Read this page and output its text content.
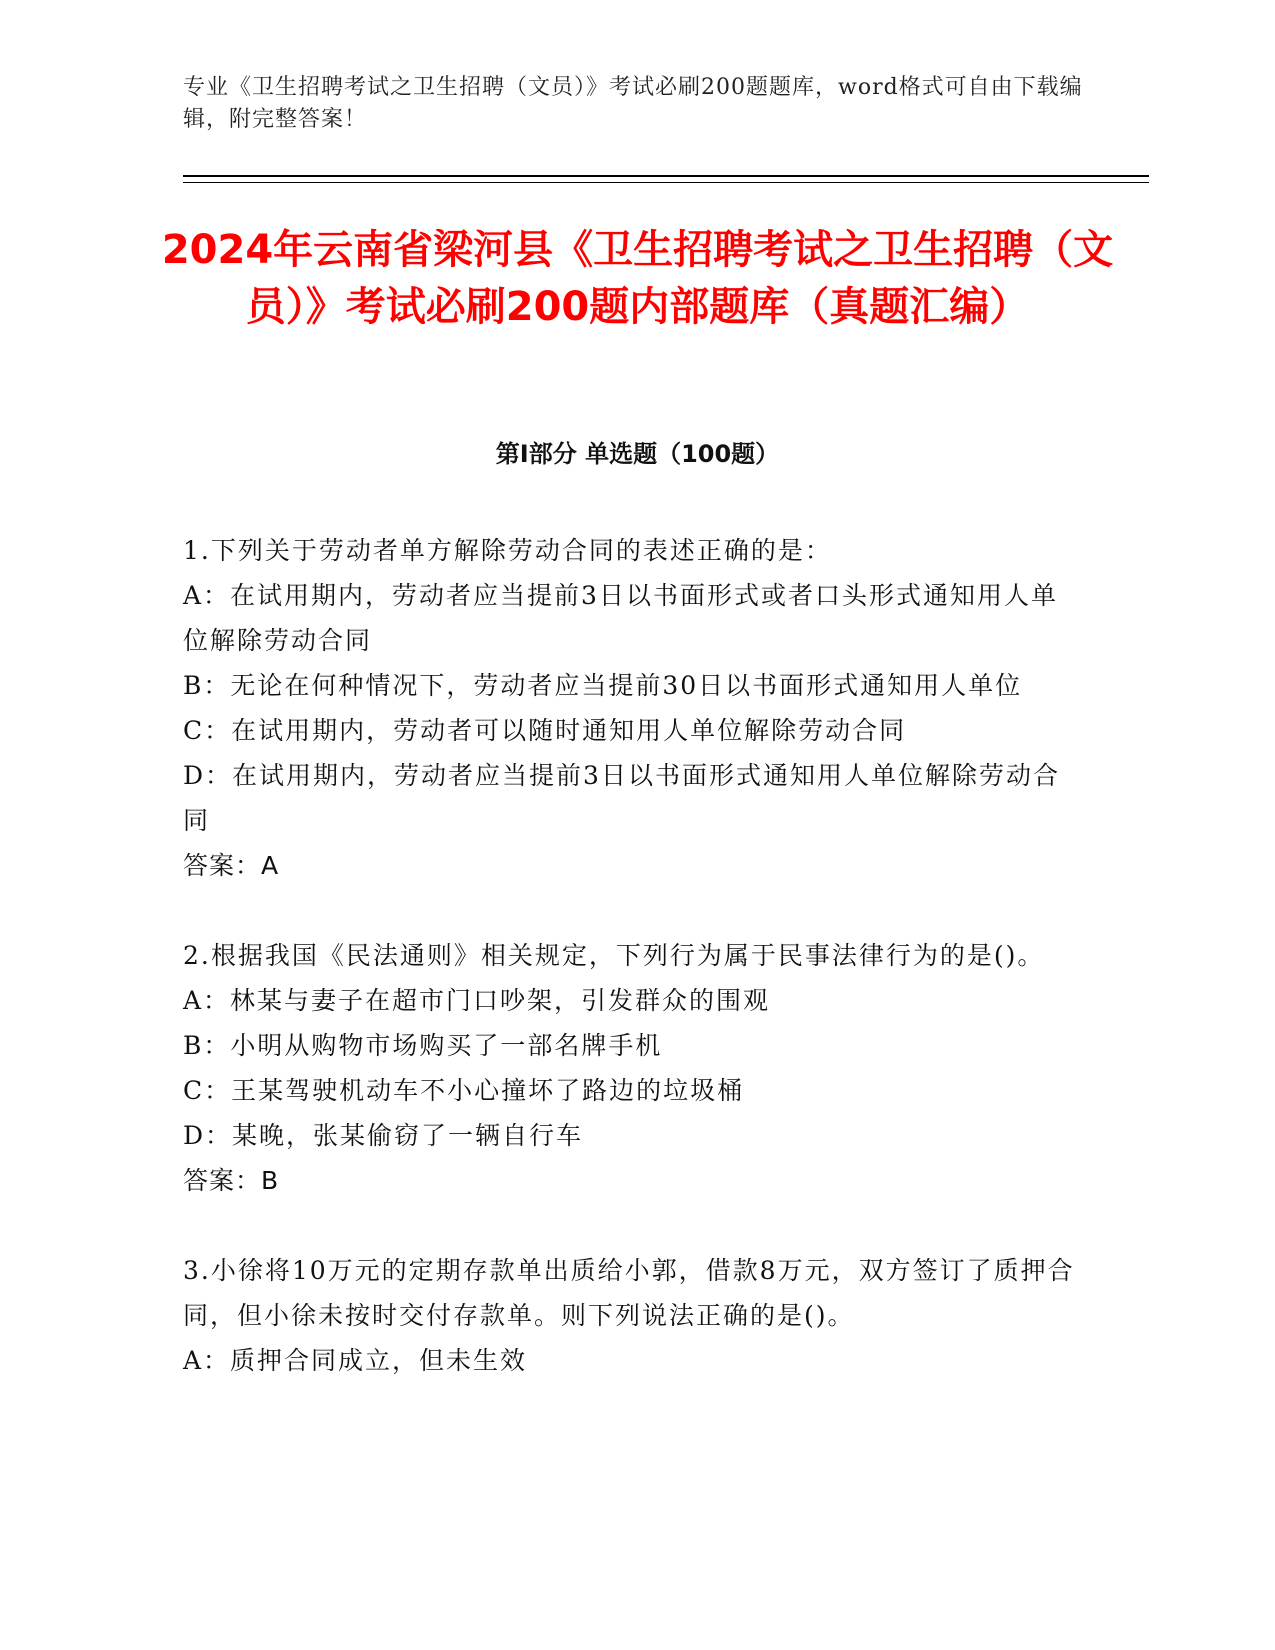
专业《卫生招聘考试之卫生招聘（文员）》考试必刷200题题库，word格式可自由下载编辑，附完整答案！
2024年云南省梁河县《卫生招聘考试之卫生招聘（文员）》考试必刷200题内部题库（真题汇编）
第Ⅰ部分 单选题（100题）
1.下列关于劳动者单方解除劳动合同的表述正确的是：
A：在试用期内，劳动者应当提前3日以书面形式或者口头形式通知用人单位解除劳动合同
B：无论在何种情况下，劳动者应当提前30日以书面形式通知用人单位
C：在试用期内，劳动者可以随时通知用人单位解除劳动合同
D：在试用期内，劳动者应当提前3日以书面形式通知用人单位解除劳动合同
答案：A
2.根据我国《民法通则》相关规定，下列行为属于民事法律行为的是()。
A：林某与妻子在超市门口吵架，引发群众的围观
B：小明从购物市场购买了一部名牌手机
C：王某驾驶机动车不小心撞坏了路边的垃圾桶
D：某晚，张某偷窃了一辆自行车
答案：B
3.小徐将10万元的定期存款单出质给小郭，借款8万元，双方签订了质押合同，但小徐未按时交付存款单。则下列说法正确的是()。
A：质押合同成立，但未生效
